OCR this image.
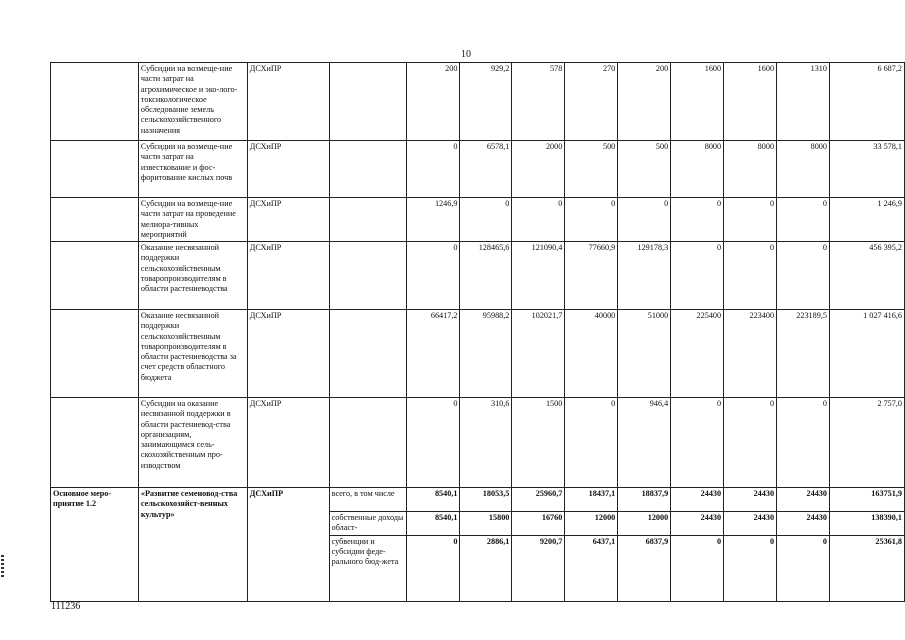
10
	Субсидии на возмеще-ние части затрат на агрохимическое и эко-лого-токсикологическое обследование земель сельскохозяйственного назначения	ДСХиПР		200	929,2	578	270	200	1600	1600	1310	6 687,2
	Субсидии на возмеще-ние части затрат на известкование и фос-форитование кислых почв	ДСХиПР		0	6578,1	2000	500	500	8000	8000	8000	33 578,1
	Субсидии на возмеще-ние части затрат на проведение мелиора-тивных мероприятий	ДСХиПР		1246,9	0	0	0	0	0	0	0	1 246,9
	Оказание несвязанной поддержки сельскохозяйственным товаропроизводителям в области растениеводства	ДСХиПР		0	128465,6	121090,4	77660,9	129178,3	0	0	0	456 395,2
	Оказание несвязанной поддержки сельскохозяйственным товаропроизводителям в области растениеводства за счет средств областного бюджета	ДСХиПР		66417,2	95988,2	102021,7	40000	51000	225400	223400	223189,5	1 027 416,6
	Субсидии на оказание несвязанной поддержки в области растениевод-ства организациям, занимающимся сель-скохозяйственным про-изводством	ДСХиПР		0	310,6	1500	0	946,4	0	0	0	2 757,0
Основное меро-приятие 1.2	«Развитие семеновод-ства сельскохозяйст-венных культур»	ДСХиПР	всего, в том числе	8540,1	18053,5	25960,7	18437,1	18837,9	24430	24430	24430	163751,9
			собственные доходы област-	8540,1	15800	16760	12000	12000	24430	24430	24430	138390,1
			субвенции и субсидии феде-рального бюд-жета	0	2886,1	9200,7	6437,1	6837,9	0	0	0	25361,8
111236
